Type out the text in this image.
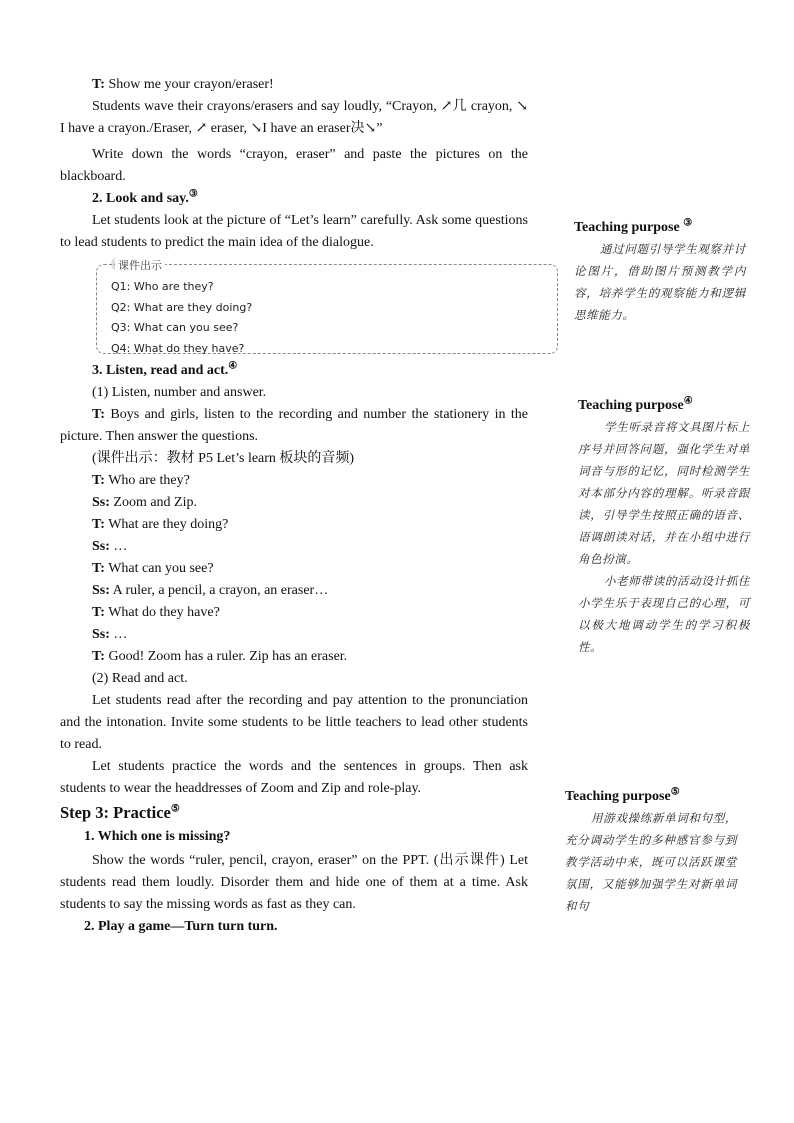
T: Show me your crayon/eraser!

Students wave their crayons/erasers and say loudly, “Crayon, ↗几 crayon, ↘ I have a crayon./Eraser, ↗ eraser, ↘I have an eraser决↘”

Write down the words “crayon, eraser” and paste the pictures on the blackboard.

2. Look and say.③

Let students look at the picture of “Let’s learn” carefully. Ask some questions to lead students to predict the main idea of the dialogue.

课件出示
Q1: Who are they?
Q2: What are they doing?
Q3: What can you see?
Q4: What do they have?

3. Listen, read and act.④

(1) Listen, number and answer.

T: Boys and girls, listen to the recording and number the stationery in the picture. Then answer the questions.

(课件出示：教材 P5 Let’s learn 板块的音频)

T: Who are they?

Ss: Zoom and Zip.

T: What are they doing?

Ss: …

T: What can you see?

Ss: A ruler, a pencil, a crayon, an eraser…

T: What do they have?

Ss: …

T: Good! Zoom has a ruler. Zip has an eraser.

(2) Read and act.

Let students read after the recording and pay attention to the pronunciation and the intonation. Invite some students to be little teachers to lead other students to read.

Let students practice the words and the sentences in groups. Then ask students to wear the headdresses of Zoom and Zip and role-play.

Step 3: Practice⑤

1. Which one is missing?

Show the words “ruler, pencil, crayon, eraser” on the PPT. (出示课件) Let students read them loudly. Disorder them and hide one of them at a time. Ask students to say the missing words as fast as they can.

2. Play a game—Turn turn turn.

Teaching purpose ③

通过问题引导学生观察并讨论图片，借助图片预测教学内容，培养学生的观察能力和逻辑思维能力。

Teaching purpose④

学生听录音将文具图片标上序号并回答问题，强化学生对单词音与形的记忆，同时检测学生对本部分内容的理解。听录音跟读，引导学生按照正确的语音、语调朗读对话，并在小组中进行角色扮演。

小老师带读的活动设计抓住小学生乐于表现自己的心理，可以极大地调动学生的学习积极性。

Teaching purpose⑤

用游戏操练新单词和句型，充分调动学生的多种感官参与到教学活动中来，既可以活跃课堂氛围，又能够加强学生对新单词和句
